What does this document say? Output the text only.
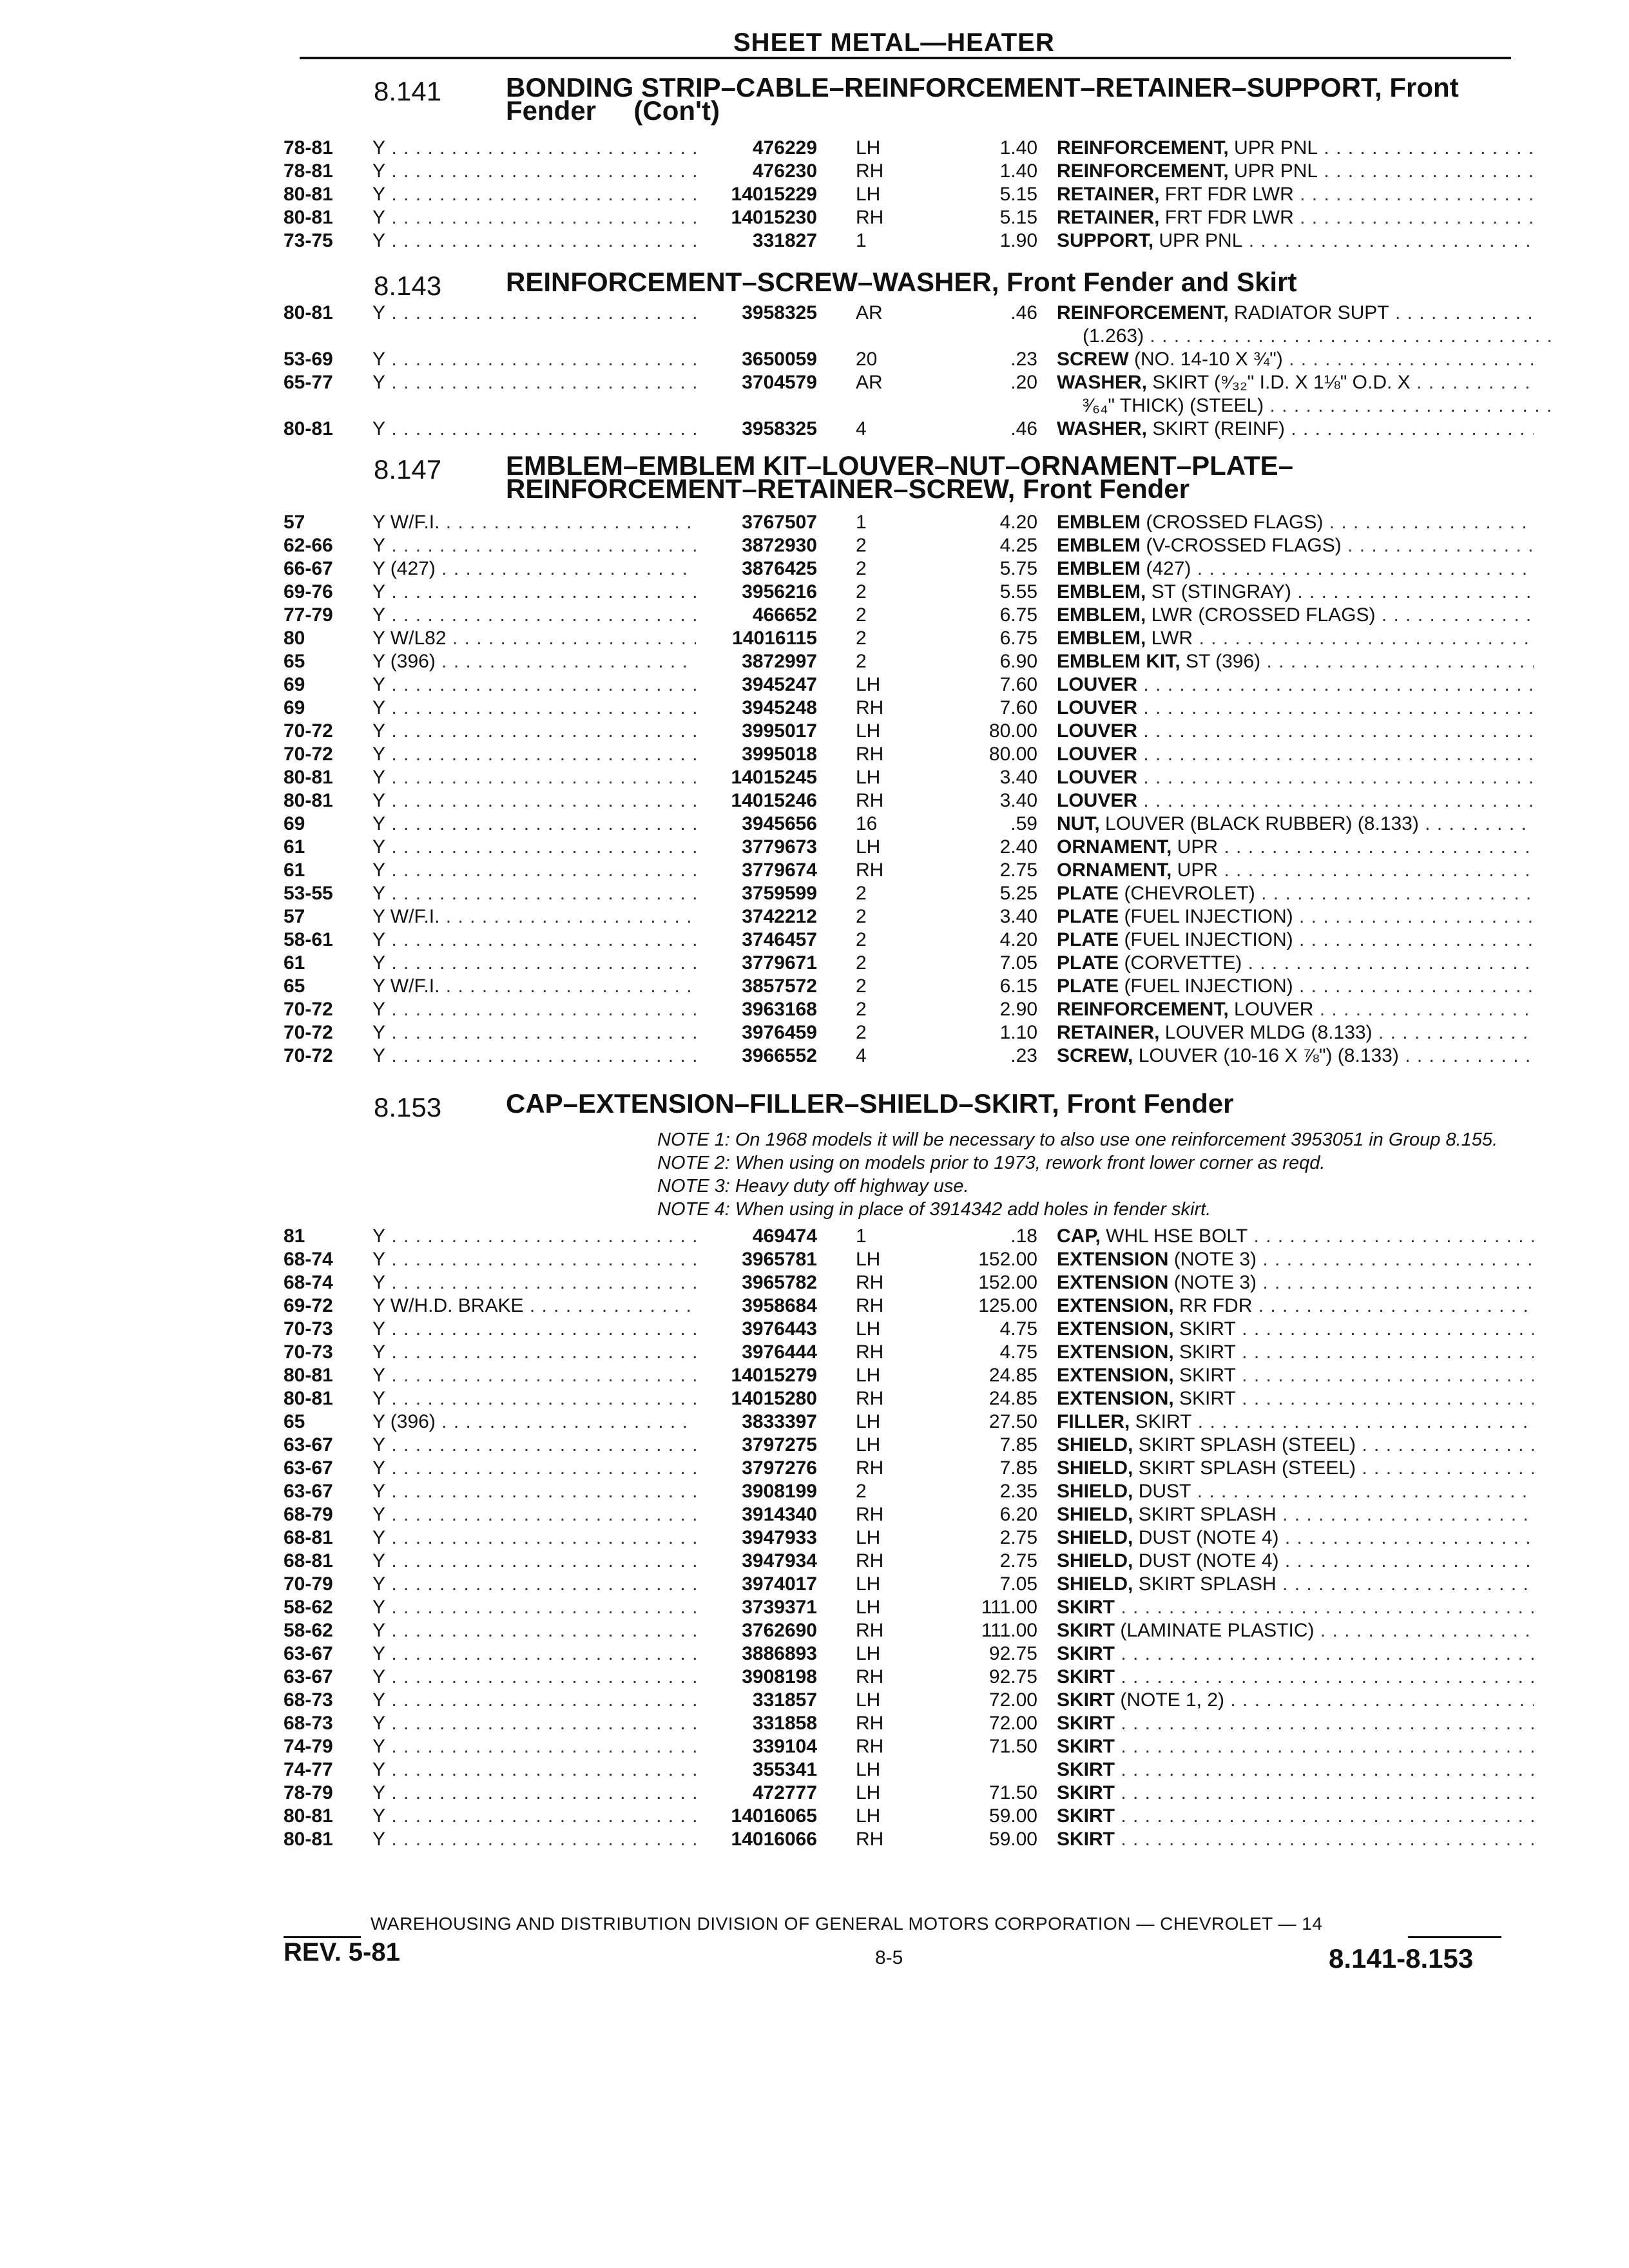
SHEET METAL—HEATER
8.141 BONDING STRIP–CABLE–REINFORCEMENT–RETAINER–SUPPORT, Front
Fender (Con't)
78-81	Y . . .	476229 LH	1.40 REINFORCEMENT, UPR PNL . . .
78-81	Y . . .	476230 RH	1.40 REINFORCEMENT, UPR PNL . . .
80-81	Y . . .	14015229 LH	5.15 RETAINER, FRT FDR LWR . . .
80-81	Y . . .	14015230 RH	5.15 RETAINER, FRT FDR LWR . . .
73-75	Y . . .	331827 1	1.90 SUPPORT, UPR PNL . . .
8.143 REINFORCEMENT–SCREW–WASHER, Front Fender and Skirt
80-81	Y . . .	3958325 AR	.46 REINFORCEMENT, RADIATOR SUPT . . .
(1.263) . . .
53-69	Y . . .	3650059 20	.23 SCREW (NO. 14-10 X ¾") . . .
65-77	Y . . .	3704579 AR	.20 WASHER, SKIRT (⁹⁄₃₂" I.D. X 1⅛" O.D. X . . .
³⁄₆₄" THICK) (STEEL) . . .
80-81	Y . . .	3958325 4	.46 WASHER, SKIRT (REINF) . . .
8.147 EMBLEM–EMBLEM KIT–LOUVER–NUT–ORNAMENT–PLATE–
REINFORCEMENT–RETAINER–SCREW, Front Fender
57	Y W/F.I. . . .	3767507 1	4.20 EMBLEM (CROSSED FLAGS) . . .
62-66	Y . . .	3872930 2	4.25 EMBLEM (V-CROSSED FLAGS) . . .
66-67	Y (427) . . .	3876425 2	5.75 EMBLEM (427) . . .
69-76	Y . . .	3956216 2	5.55 EMBLEM, ST (STINGRAY) . . .
77-79	Y . . .	466652 2	6.75 EMBLEM, LWR (CROSSED FLAGS) . . .
80	Y W/L82 . . .	14016115 2	6.75 EMBLEM, LWR . . .
65	Y (396) . . .	3872997 2	6.90 EMBLEM KIT, ST (396) . . .
69	Y . . .	3945247 LH	7.60 LOUVER . . .
69	Y . . .	3945248 RH	7.60 LOUVER . . .
70-72	Y . . .	3995017 LH	80.00 LOUVER . . .
70-72	Y . . .	3995018 RH	80.00 LOUVER . . .
80-81	Y . . .	14015245 LH	3.40 LOUVER . . .
80-81	Y . . .	14015246 RH	3.40 LOUVER . . .
69	Y . . .	3945656 16	.59 NUT, LOUVER (BLACK RUBBER) (8.133) . . .
61	Y . . .	3779673 LH	2.40 ORNAMENT, UPR . . .
61	Y . . .	3779674 RH	2.75 ORNAMENT, UPR . . .
53-55	Y . . .	3759599 2	5.25 PLATE (CHEVROLET) . . .
57	Y W/F.I. . . .	3742212 2	3.40 PLATE (FUEL INJECTION) . . .
58-61	Y . . .	3746457 2	4.20 PLATE (FUEL INJECTION) . . .
61	Y . . .	3779671 2	7.05 PLATE (CORVETTE) . . .
65	Y W/F.I. . . .	3857572 2	6.15 PLATE (FUEL INJECTION) . . .
70-72	Y . . .	3963168 2	2.90 REINFORCEMENT, LOUVER . . .
70-72	Y . . .	3976459 2	1.10 RETAINER, LOUVER MLDG (8.133) . . .
70-72	Y . . .	3966552 4	.23 SCREW, LOUVER (10-16 X ⅞") (8.133) . . .
8.153 CAP–EXTENSION–FILLER–SHIELD–SKIRT, Front Fender
NOTE 1: On 1968 models it will be necessary to also use one reinforcement 3953051 in Group 8.155.
NOTE 2: When using on models prior to 1973, rework front lower corner as reqd.
NOTE 3: Heavy duty off highway use.
NOTE 4: When using in place of 3914342 add holes in fender skirt.
81	Y . . .	469474 1	.18 CAP, WHL HSE BOLT . . .
68-74	Y . . .	3965781 LH	152.00 EXTENSION (NOTE 3) . . .
68-74	Y . . .	3965782 RH	152.00 EXTENSION (NOTE 3) . . .
69-72	Y W/H.D. BRAKE . . .	3958684 RH	125.00 EXTENSION, RR FDR . . .
70-73	Y . . .	3976443 LH	4.75 EXTENSION, SKIRT . . .
70-73	Y . . .	3976444 RH	4.75 EXTENSION, SKIRT . . .
80-81	Y . . .	14015279 LH	24.85 EXTENSION, SKIRT . . .
80-81	Y . . .	14015280 RH	24.85 EXTENSION, SKIRT . . .
65	Y (396) . . .	3833397 LH	27.50 FILLER, SKIRT . . .
63-67	Y . . .	3797275 LH	7.85 SHIELD, SKIRT SPLASH (STEEL) . . .
63-67	Y . . .	3797276 RH	7.85 SHIELD, SKIRT SPLASH (STEEL) . . .
63-67	Y . . .	3908199 2	2.35 SHIELD, DUST . . .
68-79	Y . . .	3914340 RH	6.20 SHIELD, SKIRT SPLASH . . .
68-81	Y . . .	3947933 LH	2.75 SHIELD, DUST (NOTE 4) . . .
68-81	Y . . .	3947934 RH	2.75 SHIELD, DUST (NOTE 4) . . .
70-79	Y . . .	3974017 LH	7.05 SHIELD, SKIRT SPLASH . . .
58-62	Y . . .	3739371 LH	111.00 SKIRT . . .
58-62	Y . . .	3762690 RH	111.00 SKIRT (LAMINATE PLASTIC) . . .
63-67	Y . . .	3886893 LH	92.75 SKIRT . . .
63-67	Y . . .	3908198 RH	92.75 SKIRT . . .
68-73	Y . . .	331857 LH	72.00 SKIRT (NOTE 1, 2) . . .
68-73	Y . . .	331858 RH	72.00 SKIRT . . .
74-79	Y . . .	339104 RH	71.50 SKIRT . . .
74-77	Y . . .	355341 LH	SKIRT . . .
78-79	Y . . .	472777 LH	71.50 SKIRT . . .
80-81	Y . . .	14016065 LH	59.00 SKIRT . . .
80-81	Y . . .	14016066 RH	59.00 SKIRT . . .
WAREHOUSING AND DISTRIBUTION DIVISION OF GENERAL MOTORS CORPORATION — CHEVROLET — 14
REV. 5-81	8-5	8.141-8.153
